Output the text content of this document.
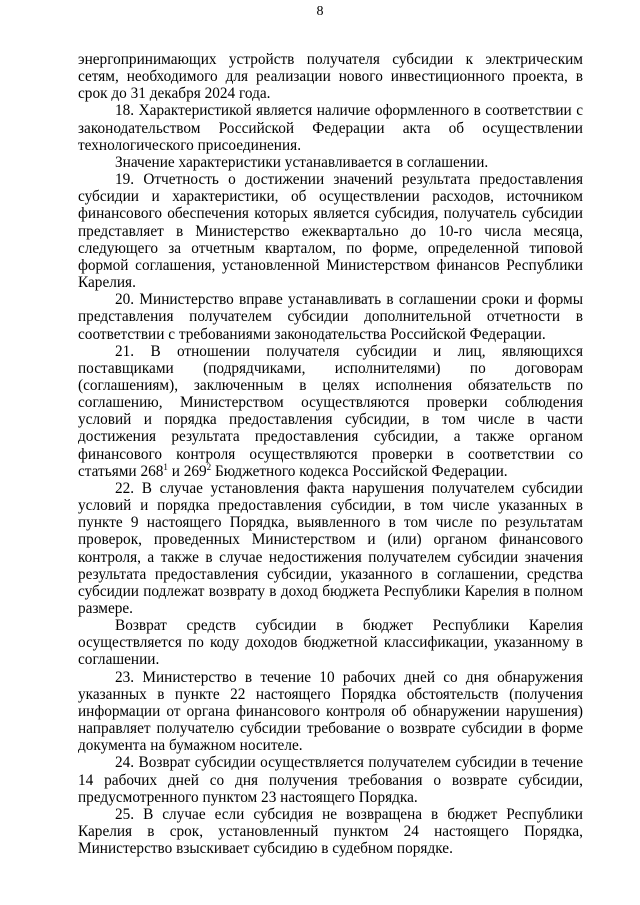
8

энергопринимающих устройств получателя субсидии к электрическим сетям, необходимого для реализации нового инвестиционного проекта, в срок до 31 декабря 2024 года.

18. Характеристикой является наличие оформленного в соответствии с законодательством Российской Федерации акта об осуществлении технологического присоединения.

Значение характеристики устанавливается в соглашении.

19. Отчетность о достижении значений результата предоставления субсидии и характеристики, об осуществлении расходов, источником финансового обеспечения которых является субсидия, получатель субсидии представляет в Министерство ежеквартально до 10-го числа месяца, следующего за отчетным кварталом, по форме, определенной типовой формой соглашения, установленной Министерством финансов Республики Карелия.

20. Министерство вправе устанавливать в соглашении сроки и формы представления получателем субсидии дополнительной отчетности в соответствии с требованиями законодательства Российской Федерации.

21. В отношении получателя субсидии и лиц, являющихся поставщиками (подрядчиками, исполнителями) по договорам (соглашениям), заключенным в целях исполнения обязательств по соглашению, Министерством осуществляются проверки соблюдения условий и порядка предоставления субсидии, в том числе в части достижения результата предоставления субсидии, а также органом финансового контроля осуществляются проверки в соответствии со статьями $268^1$ и $269^2$ Бюджетного кодекса Российской Федерации.

22. В случае установления факта нарушения получателем субсидии условий и порядка предоставления субсидии, в том числе указанных в пункте 9 настоящего Порядка, выявленного в том числе по результатам проверок, проведенных Министерством и (или) органом финансового контроля, а также в случае недостижения получателем субсидии значения результата предоставления субсидии, указанного в соглашении, средства субсидии подлежат возврату в доход бюджета Республики Карелия в полном размере.

Возврат средств субсидии в бюджет Республики Карелия осуществляется по коду доходов бюджетной классификации, указанному в соглашении.

23. Министерство в течение 10 рабочих дней со дня обнаружения указанных в пункте 22 настоящего Порядка обстоятельств (получения информации от органа финансового контроля об обнаружении нарушения) направляет получателю субсидии требование о возврате субсидии в форме документа на бумажном носителе.

24. Возврат субсидии осуществляется получателем субсидии в течение 14 рабочих дней со дня получения требования о возврате субсидии, предусмотренного пунктом 23 настоящего Порядка.

25. В случае если субсидия не возвращена в бюджет Республики Карелия в срок, установленный пунктом 24 настоящего Порядка, Министерство взыскивает субсидию в судебном порядке.
